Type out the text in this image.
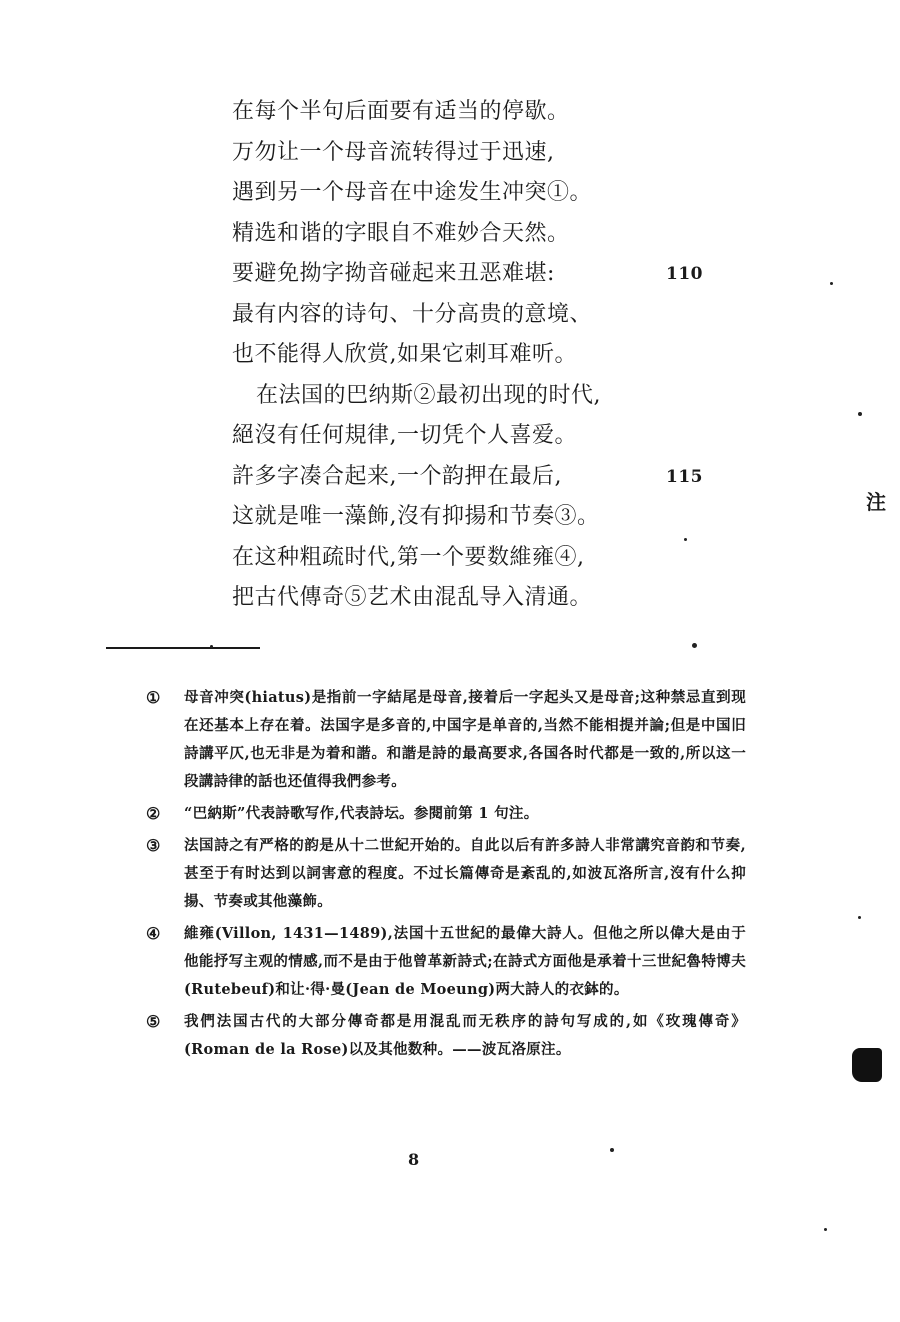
在每个半句后面要有适当的停歇。
万勿让一个母音流转得过于迅速,
遇到另一个母音在中途发生冲突①。
精选和谐的字眼自不难妙合天然。
要避免拗字拗音碰起来丑恶难堪:	110
最有内容的诗句、十分高贵的意境、
也不能得人欣赏,如果它刺耳难听。
在法国的巴纳斯②最初出现的时代,
絕沒有任何規律,一切凭个人喜爱。
許多字凑合起来,一个韵押在最后,	115
这就是唯一藻飾,沒有抑揚和节奏③。
在这种粗疏时代,第一个要数維雍④,
把古代傳奇⑤艺术由混乱导入清通。
① 母音冲突(hiatus)是指前一字結尾是母音,接着后一字起头又是母音;这种禁忌直到现在还基本上存在着。法国字是多音的,中国字是单音的,当然不能相提并論;但是中国旧詩講平仄,也无非是为着和諧。和諧是詩的最高要求,各国各时代都是一致的,所以这一段講詩律的話也还值得我們参考。
② “巴納斯”代表詩歌写作,代表詩坛。参閱前第 1 句注。
③ 法国詩之有严格的韵是从十二世紀开始的。自此以后有許多詩人非常講究音韵和节奏,甚至于有时达到以詞害意的程度。不过长篇傳奇是紊乱的,如波瓦洛所言,沒有什么抑揚、节奏或其他藻飾。
④ 維雍(Villon, 1431—1489),法国十五世紀的最偉大詩人。但他之所以偉大是由于他能抒写主观的情感,而不是由于他曾革新詩式;在詩式方面他是承着十三世紀魯特博夫(Rutebeuf)和让·得·曼(Jean de Moeung)两大詩人的衣鉢的。
⑤ 我們法国古代的大部分傳奇都是用混乱而无秩序的詩句写成的,如《玫瑰傳奇》(Roman de la Rose)以及其他数种。——波瓦洛原注。
8
注
